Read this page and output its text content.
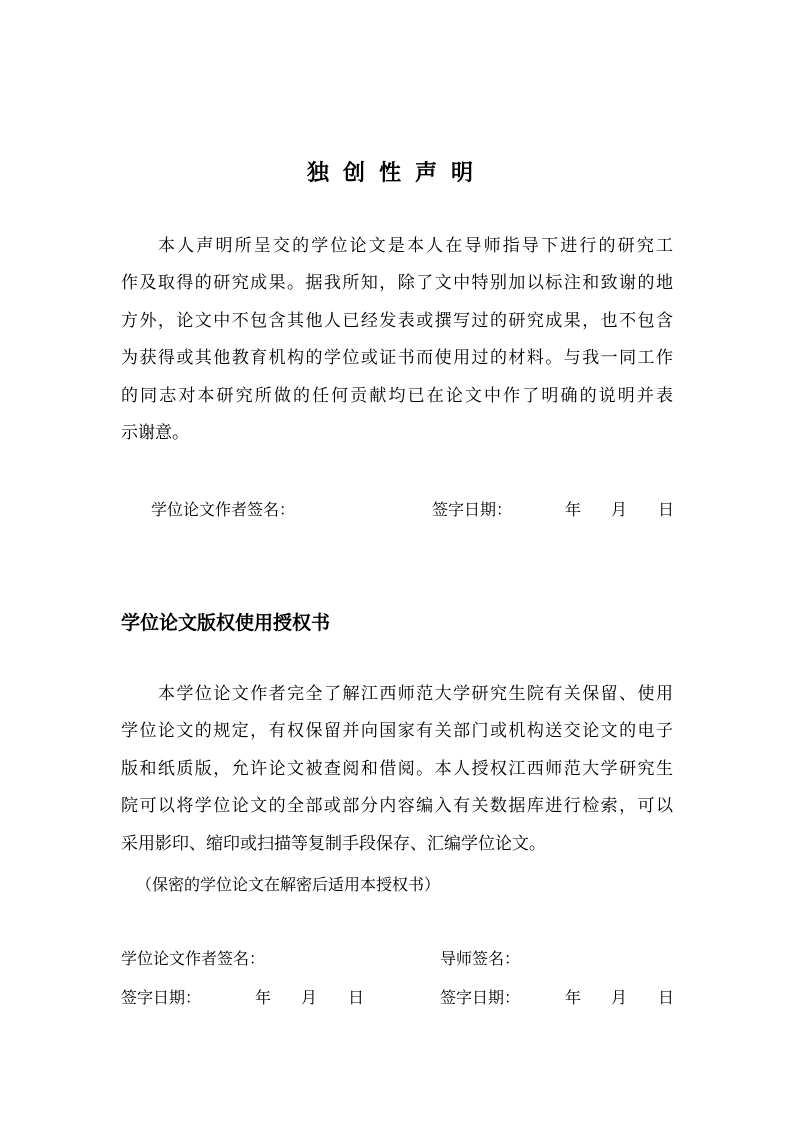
独创性声明
本人声明所呈交的学位论文是本人在导师指导下进行的研究工
作及取得的研究成果。据我所知，除了文中特别加以标注和致谢的地
方外，论文中不包含其他人已经发表或撰写过的研究成果，也不包含
为获得或其他教育机构的学位或证书而使用过的材料。与我一同工作
的同志对本研究所做的任何贡献均已在论文中作了明确的说明并表
示谢意。
学位论文作者签名：	签字日期：	年 月 日
学位论文版权使用授权书
本学位论文作者完全了解江西师范大学研究生院有关保留、使用
学位论文的规定，有权保留并向国家有关部门或机构送交论文的电子
版和纸质版，允许论文被查阅和借阅。本人授权江西师范大学研究生
院可以将学位论文的全部或部分内容编入有关数据库进行检索，可以
采用影印、缩印或扫描等复制手段保存、汇编学位论文。
（保密的学位论文在解密后适用本授权书）
学位论文作者签名：	导师签名：
签字日期：	年 月 日	签字日期：	年 月 日
